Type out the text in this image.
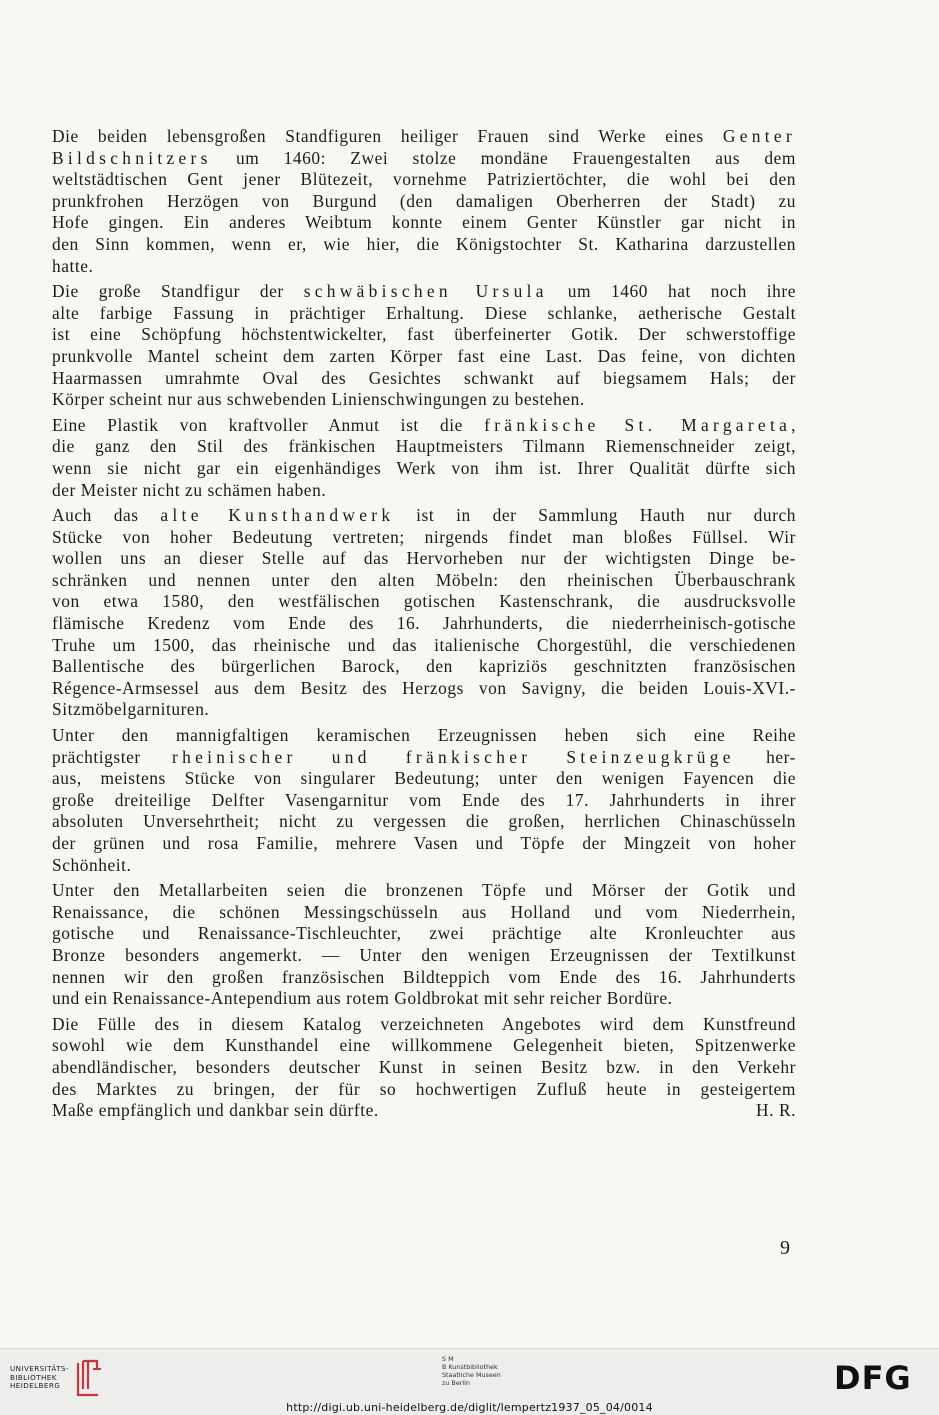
Die beiden lebensgroßen Standfiguren heiliger Frauen sind Werke eines Genter
Bildschnitzers um 1460: Zwei stolze mondäne Frauengestalten aus dem
weltstädtischen Gent jener Blütezeit, vornehme Patriziertöchter, die wohl bei den
prunkfrohen Herzögen von Burgund (den damaligen Oberherren der Stadt) zu
Hofe gingen. Ein anderes Weibtum konnte einem Genter Künstler gar nicht in
den Sinn kommen, wenn er, wie hier, die Königstochter St. Katharina darzustellen
hatte.

Die große Standfigur der schwäbischen Ursula um 1460 hat noch ihre
alte farbige Fassung in prächtiger Erhaltung. Diese schlanke, aetherische Gestalt
ist eine Schöpfung höchstentwickelter, fast überfeinerter Gotik. Der schwerstoffige
prunkvolle Mantel scheint dem zarten Körper fast eine Last. Das feine, von dichten
Haarmassen umrahmte Oval des Gesichtes schwankt auf biegsamem Hals; der
Körper scheint nur aus schwebenden Linienschwingungen zu bestehen.

Eine Plastik von kraftvoller Anmut ist die fränkische St. Margareta,
die ganz den Stil des fränkischen Hauptmeisters Tilmann Riemenschneider zeigt,
wenn sie nicht gar ein eigenhändiges Werk von ihm ist. Ihrer Qualität dürfte sich
der Meister nicht zu schämen haben.

Auch das alte Kunsthandwerk ist in der Sammlung Hauth nur durch
Stücke von hoher Bedeutung vertreten; nirgends findet man bloßes Füllsel. Wir
wollen uns an dieser Stelle auf das Hervorheben nur der wichtigsten Dinge be-
schränken und nennen unter den alten Möbeln: den rheinischen Überbauschrank
von etwa 1580, den westfälischen gotischen Kastenschrank, die ausdrucksvolle
flämische Kredenz vom Ende des 16. Jahrhunderts, die niederrheinisch-gotische
Truhe um 1500, das rheinische und das italienische Chorgestühl, die verschiedenen
Ballentische des bürgerlichen Barock, den kapriziös geschnitzten französischen
Régence-Armsessel aus dem Besitz des Herzogs von Savigny, die beiden Louis-XVI.-
Sitzmöbelgarnituren.

Unter den mannigfaltigen keramischen Erzeugnissen heben sich eine Reihe
prächtigster rheinischer und fränkischer Steinzeugkrüge her-
aus, meistens Stücke von singularer Bedeutung; unter den wenigen Fayencen die
große dreiteilige Delfter Vasengarnitur vom Ende des 17. Jahrhunderts in ihrer
absoluten Unversehrtheit; nicht zu vergessen die großen, herrlichen Chinaschüsseln
der grünen und rosa Familie, mehrere Vasen und Töpfe der Mingzeit von hoher
Schönheit.

Unter den Metallarbeiten seien die bronzenen Töpfe und Mörser der Gotik und
Renaissance, die schönen Messingschüsseln aus Holland und vom Niederrhein,
gotische und Renaissance-Tischleuchter, zwei prächtige alte Kronleuchter aus
Bronze besonders angemerkt. — Unter den wenigen Erzeugnissen der Textilkunst
nennen wir den großen französischen Bildteppich vom Ende des 16. Jahrhunderts
und ein Renaissance-Antependium aus rotem Goldbrokat mit sehr reicher Bordüre.

Die Fülle des in diesem Katalog verzeichneten Angebotes wird dem Kunstfreund
sowohl wie dem Kunsthandel eine willkommene Gelegenheit bieten, Spitzenwerke
abendländischer, besonders deutscher Kunst in seinen Besitz bzw. in den Verkehr
des Marktes zu bringen, der für so hochwertigen Zufluß heute in gesteigertem
Maße empfänglich und dankbar sein dürfte.	H. R.

9
UNIVERSITÄTS-
BIBLIOTHEK
HEIDELBERG
S M
B Kunstbibliothek
Staatliche Museen
zu Berlin	DFG
http://digi.ub.uni-heidelberg.de/diglit/lempertz1937_05_04/0014
